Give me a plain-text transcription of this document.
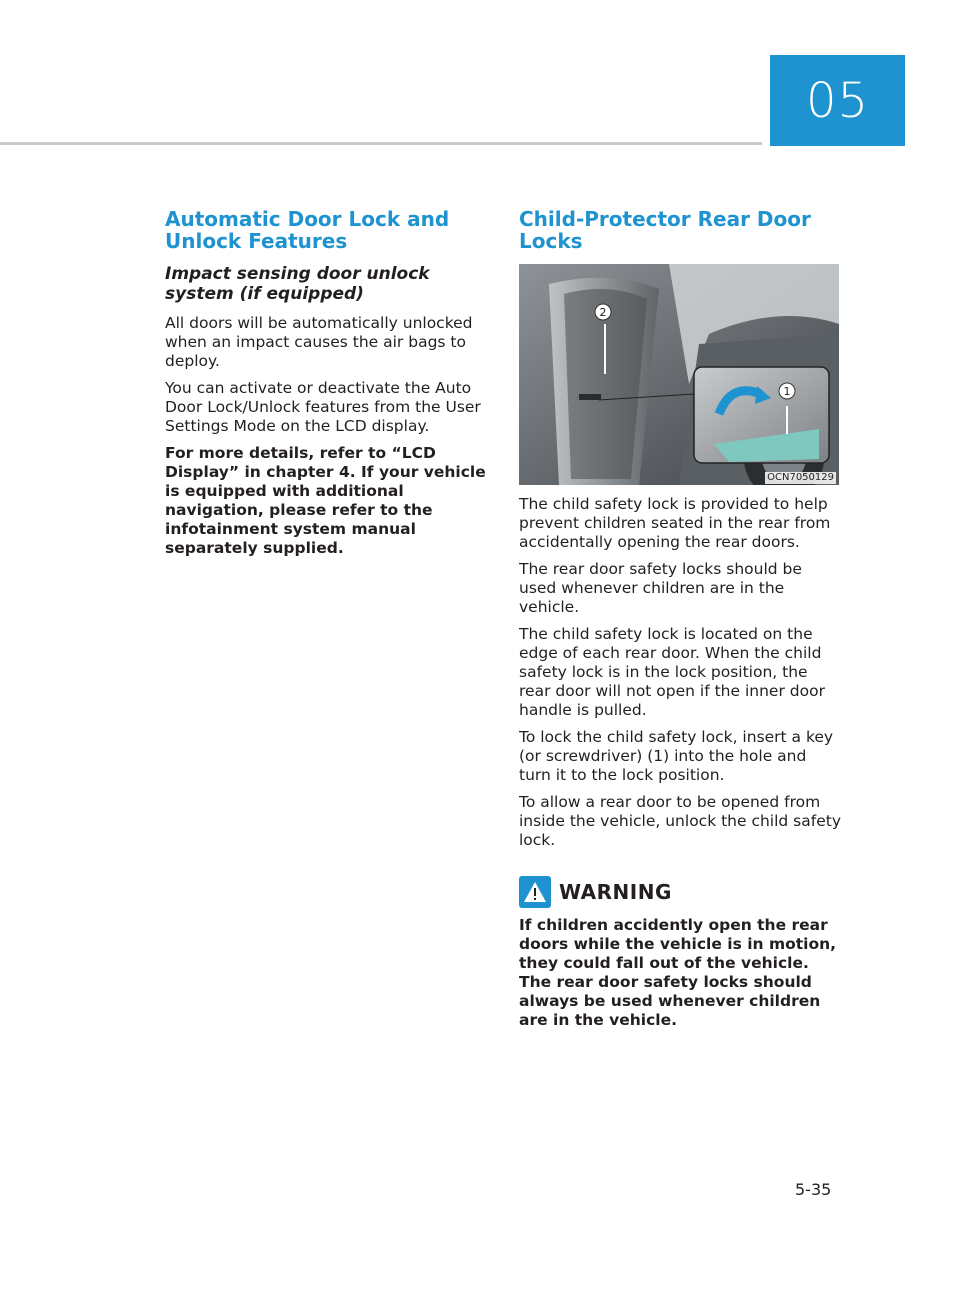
05
Automatic Door Lock and Unlock Features
Impact sensing door unlock system (if equipped)

All doors will be automatically unlocked when an impact causes the air bags to deploy.

You can activate or deactivate the Auto Door Lock/Unlock features from the User Settings Mode on the LCD display.

For more details, refer to “LCD Display” in chapter 4. If your vehicle is equipped with additional navigation, please refer to the infotainment system manual separately supplied.

Child-Protector Rear Door Locks
2
1
OCN7050129

The child safety lock is provided to help prevent children seated in the rear from accidentally opening the rear doors.

The rear door safety locks should be used whenever children are in the vehicle.

The child safety lock is located on the edge of each rear door. When the child safety lock is in the lock position, the rear door will not open if the inner door handle is pulled.

To lock the child safety lock, insert a key (or screwdriver) (1) into the hole and turn it to the lock position.

To allow a rear door to be opened from inside the vehicle, unlock the child safety lock.

WARNING

If children accidently open the rear doors while the vehicle is in motion, they could fall out of the vehicle. The rear door safety locks should always be used whenever children are in the vehicle.

5-35
